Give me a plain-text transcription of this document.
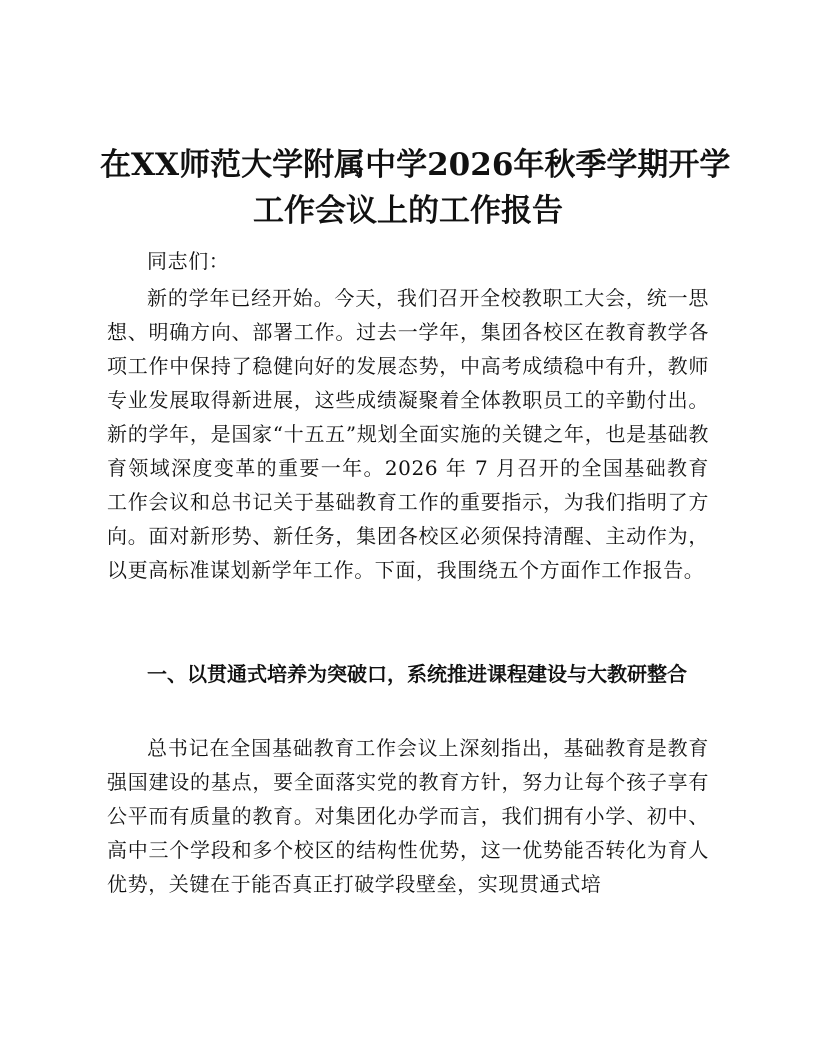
在XX师范大学附属中学2026年秋季学期开学
工作会议上的工作报告

同志们：

新的学年已经开始。今天，我们召开全校教职工大会，统一思想、明确方向、部署工作。过去一学年，集团各校区在教育教学各项工作中保持了稳健向好的发展态势，中高考成绩稳中有升，教师专业发展取得新进展，这些成绩凝聚着全体教职员工的辛勤付出。新的学年，是国家“十五五”规划全面实施的关键之年，也是基础教育领域深度变革的重要一年。2026 年 7 月召开的全国基础教育工作会议和总书记关于基础教育工作的重要指示，为我们指明了方向。面对新形势、新任务，集团各校区必须保持清醒、主动作为，以更高标准谋划新学年工作。下面，我围绕五个方面作工作报告。

一、以贯通式培养为突破口，系统推进课程建设与大教研整合

总书记在全国基础教育工作会议上深刻指出，基础教育是教育强国建设的基点，要全面落实党的教育方针，努力让每个孩子享有公平而有质量的教育。对集团化办学而言，我们拥有小学、初中、高中三个学段和多个校区的结构性优势，这一优势能否转化为育人优势，关键在于能否真正打破学段壁垒，实现贯通式培
